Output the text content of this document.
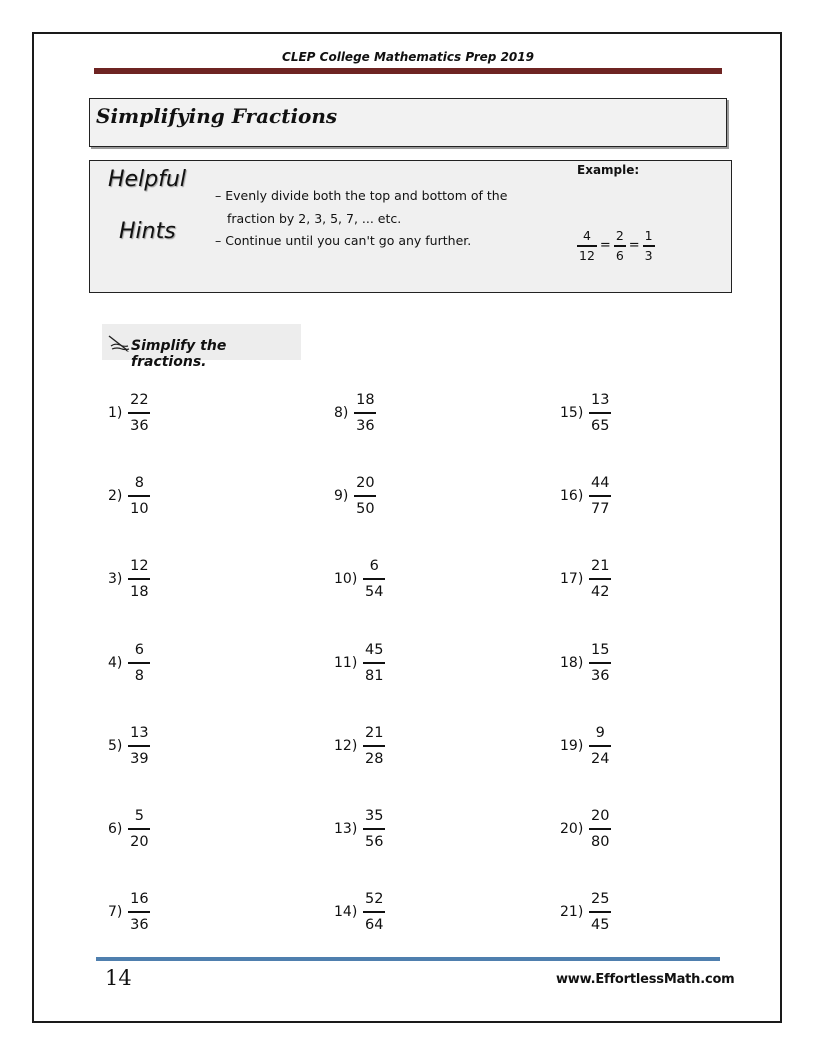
CLEP College Mathematics Prep 2019
Simplifying Fractions
Helpful
Hints
– Evenly divide both the top and bottom of the
fraction by 2, 3, 5, 7, ... etc.
– Continue until you can't go any further.
Example:
$\frac{4}{12} = \frac{2}{6} = \frac{1}{3}$
Simplify the fractions.
$1) \frac{22}{36}$
$2) \frac{8}{10}$
$3) \frac{12}{18}$
$4) \frac{6}{8}$
$5) \frac{13}{39}$
$6) \frac{5}{20}$
$7) \frac{16}{36}$
$8) \frac{18}{36}$
$9) \frac{20}{50}$
$10) \frac{6}{54}$
$11) \frac{45}{81}$
$12) \frac{21}{28}$
$13) \frac{35}{56}$
$14) \frac{52}{64}$
$15) \frac{13}{65}$
$16) \frac{44}{77}$
$17) \frac{21}{42}$
$18) \frac{15}{36}$
$19) \frac{9}{24}$
$20) \frac{20}{80}$
$21) \frac{25}{45}$
14	www.EffortlessMath.com
